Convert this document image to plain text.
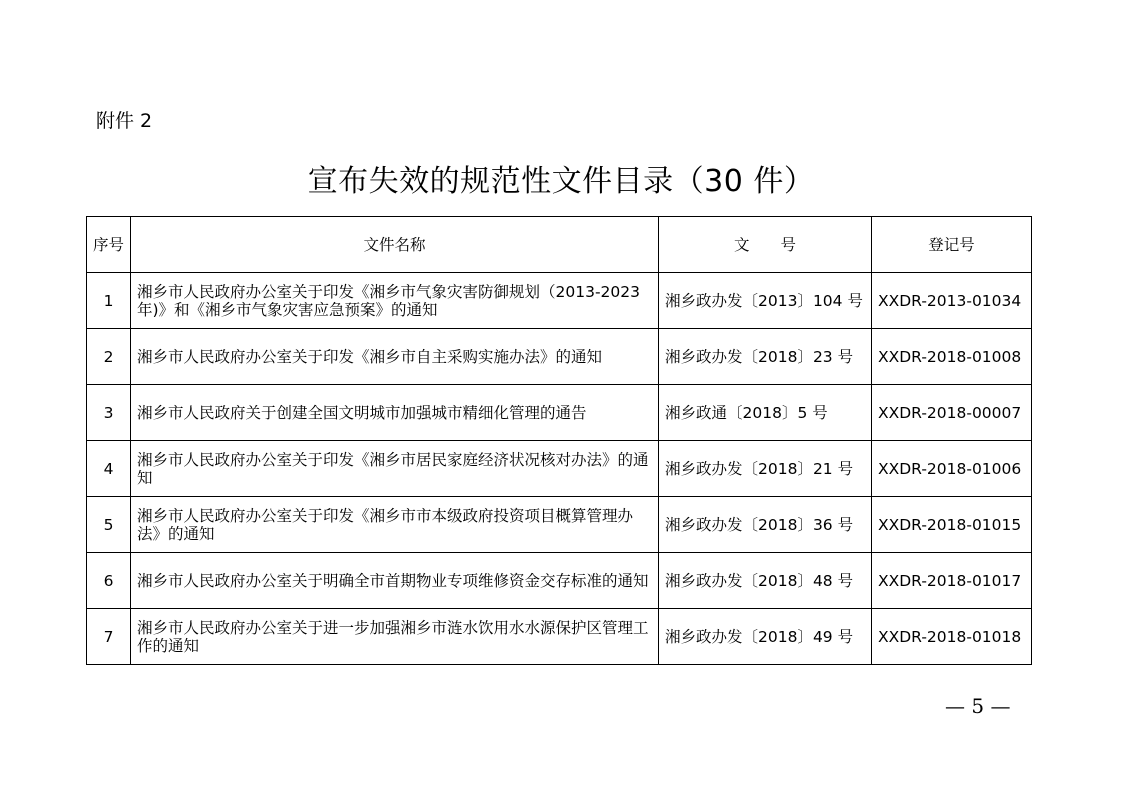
附件 2
宣布失效的规范性文件目录（30 件）
序号	文件名称	文　　号	登记号
1	湘乡市人民政府办公室关于印发《湘乡市气象灾害防御规划（2013-2023年)》和《湘乡市气象灾害应急预案》的通知	湘乡政办发〔2013〕104 号	XXDR-2013-01034
2	湘乡市人民政府办公室关于印发《湘乡市自主采购实施办法》的通知	湘乡政办发〔2018〕23 号	XXDR-2018-01008
3	湘乡市人民政府关于创建全国文明城市加强城市精细化管理的通告	湘乡政通〔2018〕5 号	XXDR-2018-00007
4	湘乡市人民政府办公室关于印发《湘乡市居民家庭经济状况核对办法》的通知	湘乡政办发〔2018〕21 号	XXDR-2018-01006
5	湘乡市人民政府办公室关于印发《湘乡市市本级政府投资项目概算管理办法》的通知	湘乡政办发〔2018〕36 号	XXDR-2018-01015
6	湘乡市人民政府办公室关于明确全市首期物业专项维修资金交存标准的通知	湘乡政办发〔2018〕48 号	XXDR-2018-01017
7	湘乡市人民政府办公室关于进一步加强湘乡市涟水饮用水水源保护区管理工作的通知	湘乡政办发〔2018〕49 号	XXDR-2018-01018
— 5 —
